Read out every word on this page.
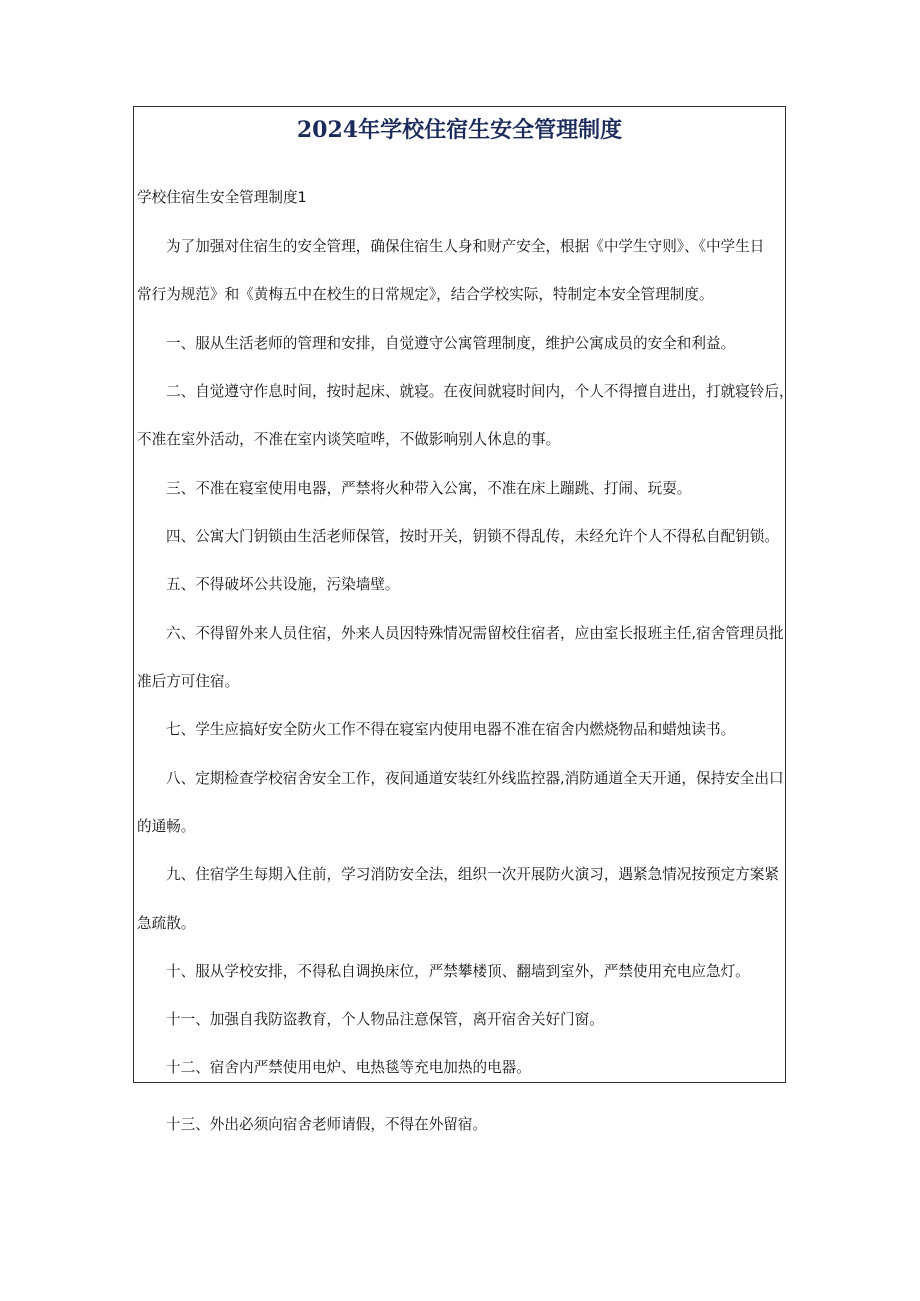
2024年学校住宿生安全管理制度
学校住宿生安全管理制度1
为了加强对住宿生的安全管理，确保住宿生人身和财产安全，根据《中学生守则》、《中学生日
常行为规范》和《黄梅五中在校生的日常规定》，结合学校实际，特制定本安全管理制度。
一、服从生活老师的管理和安排，自觉遵守公寓管理制度，维护公寓成员的安全和利益。
二、自觉遵守作息时间，按时起床、就寝。在夜间就寝时间内，个人不得擅自进出，打就寝铃后，
不准在室外活动，不准在室内谈笑喧哗，不做影响别人休息的事。
三、不准在寝室使用电器，严禁将火种带入公寓，不准在床上蹦跳、打闹、玩耍。
四、公寓大门钥锁由生活老师保管，按时开关，钥锁不得乱传，未经允许个人不得私自配钥锁。
五、不得破坏公共设施，污染墙壁。
六、不得留外来人员住宿，外来人员因特殊情况需留校住宿者，应由室长报班主任,宿舍管理员批
准后方可住宿。
七、学生应搞好安全防火工作不得在寝室内使用电器不准在宿舍内燃烧物品和蜡烛读书。
八、定期检查学校宿舍安全工作，夜间通道安装红外线监控器,消防通道全天开通，保持安全出口
的通畅。
九、住宿学生每期入住前，学习消防安全法，组织一次开展防火演习，遇紧急情况按预定方案紧
急疏散。
十、服从学校安排，不得私自调换床位，严禁攀楼顶、翻墙到室外，严禁使用充电应急灯。
十一、加强自我防盗教育，个人物品注意保管，离开宿舍关好门窗。
十二、宿舍内严禁使用电炉、电热毯等充电加热的电器。
十三、外出必须向宿舍老师请假，不得在外留宿。
